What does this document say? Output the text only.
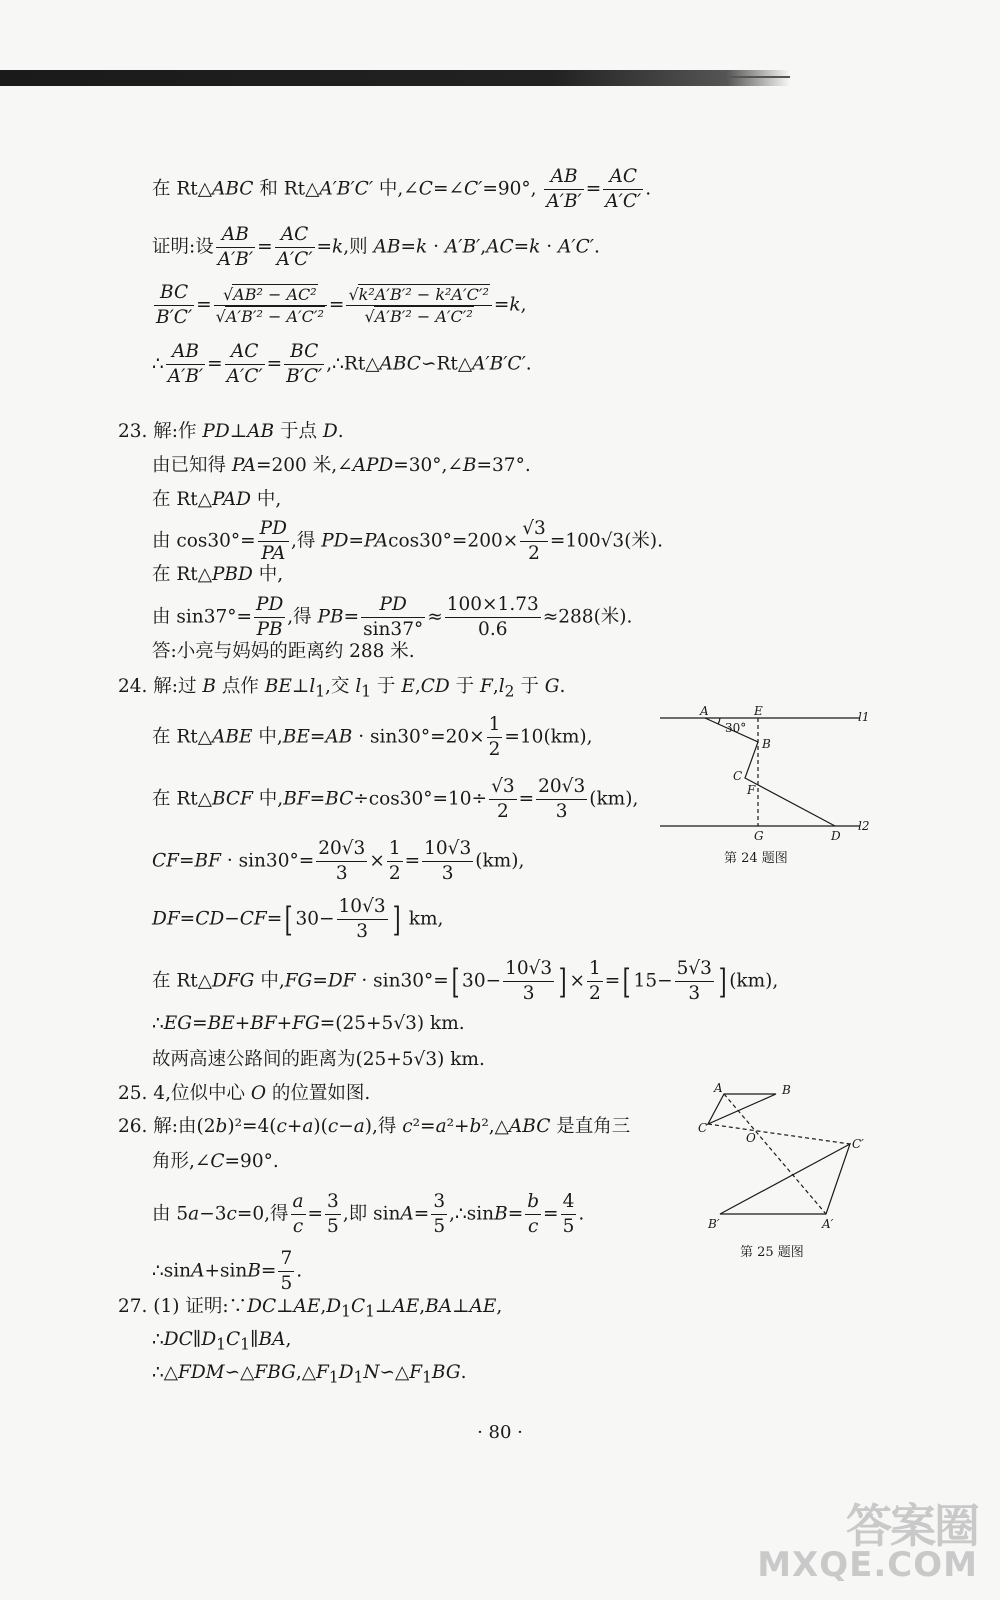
在 Rt△ABC 和 Rt△A′B′C′ 中,∠C=∠C′=90°, $\frac{AB}{A'B'} = \frac{AC}{A'C'}$ .
证明:设 $\frac{AB}{A'B'} = \frac{AC}{A'C'} =k$,则 AB=k · A′B′,AC=k · A′C′.
$\frac{BC}{B'C'} = \frac{\text{√AB² − AC²}}{\text{√A′B′² − A′C′²}} = \frac{\text{√k²A′B′² − k²A′C′²}}{\text{√A′B′² − A′C′²}} =k$,
∴ $\frac{AB}{A'B'} = \frac{AC}{A'C'} = \frac{BC}{B'C'}$ ,∴Rt△ABC∽Rt△A′B′C′.
23. 解:作 PD⊥AB 于点 D.
由已知得 PA=200 米,∠APD=30°,∠B=37°.
在 Rt△PAD 中,
由 $\cos 30^\circ= \frac{PD}{PA}$ ,得 $PD=PAcos30^\circ=200\times \frac{√3}{2} =100√3$(米).
在 Rt△PBD 中,
由 $\sin 37^\circ= \frac{PD}{PB}$ ,得 $PB= \frac{PD}{\sin 37^\circ} \approx \frac{100\times 1.73}{0.6} \approx 288$(米).
答:小亮与妈妈的距离约 288 米.
24. 解:过 B 点作 $BE\perp l_1$,交 $l_1$ 于 E,CD 于 $F,l_2$ 于 G.
在 Rt△ABE 中$,BE=AB \cdot \sin 30^\circ=20\times \frac{1}{2} =10(km)$,
在 Rt△BCF 中$,BF=BC\div\cos 30^\circ=10\div \frac{√3}{2} = \frac{20√3}{3} (km)$,
$CF=BF \cdot \sin 30^\circ= \frac{20√3}{3} \times \frac{1}{2} = \frac{10√3}{3} (km)$,
DF=CD−CF=[ $30- \frac{10√3}{3}$ ] km,
在 Rt△DFG 中,FG=DF · sin30°=[ $30- \frac{10√3}{3}$ ] × $\frac{1}{2}$ =[ $15- \frac{5√3}{3}$ ] (km),
∴EG=BE+BF+FG=(25+5√3) km.
故两高速公路间的距离为(25+5√3) km.
A	E	l1
30°
B
C
F
G	D
l2
第 24 题图
25. 4,位似中心 O 的位置如图.	A	B
C
O	C′
B′	A′
第 25 题图
26. 解:由(2b)²=4(c+a)(c−a),得 c²=a²+b²,△ABC 是直角三
角形,∠C=90°.
由 5a−3c=0,得 $\frac{a}{c} = \frac{3}{5}$ ,即 $\sin A= \frac{3}{5}$ ,∴sinB= $\frac{b}{c} = \frac{4}{5}$ .
∴sinA+sinB= $\frac{7}{5}$ .
27. (1) 证明$:\because DC\perp AE,D_1C_1\perp AE,BA\perp AE$,
$\therefore DC\parallel D_1C_1\parallel BA$,
$\therefore\triangle FDM∽\triangle FBG,\triangle F_1D_1N∽\triangle F_1BG$.
· 80 ·
答案圈
MXQE.COM
